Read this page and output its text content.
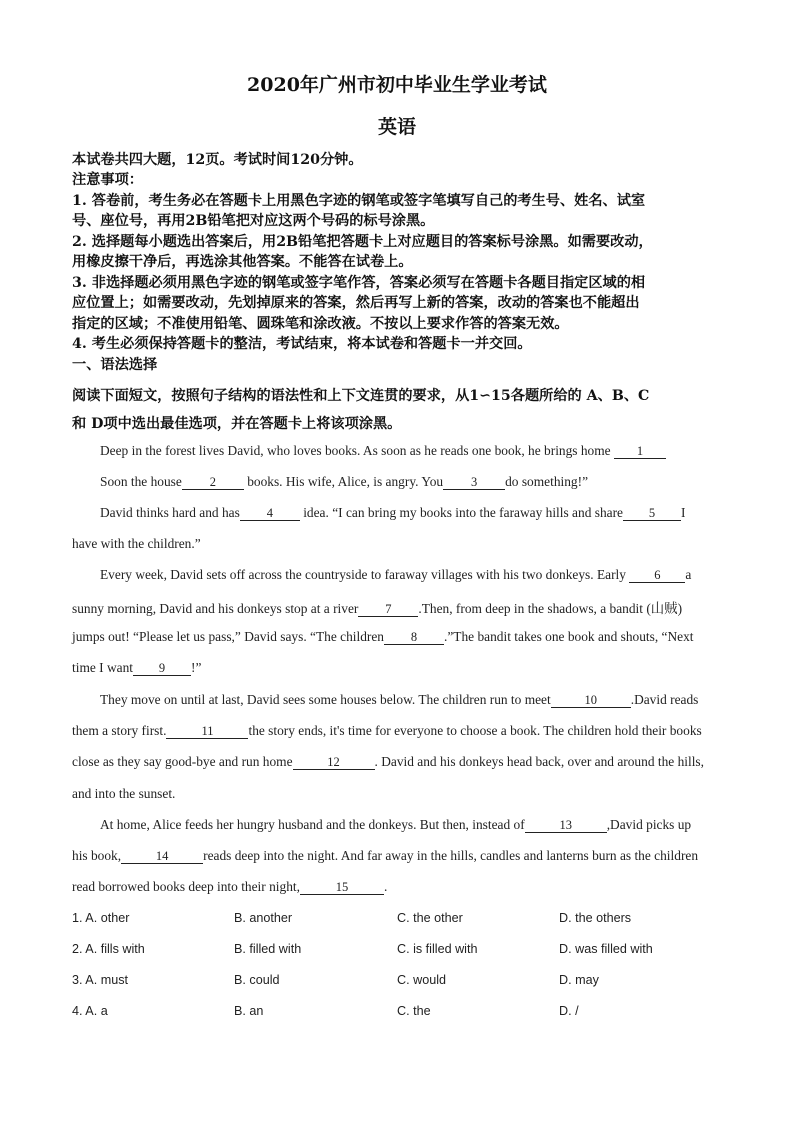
2020年广州市初中毕业生学业考试
英语
本试卷共四大题，12页。考试时间120分钟。
注意事项：
1. 答卷前，考生务必在答题卡上用黑色字迹的钢笔或签字笔填写自己的考生号、姓名、试室
号、座位号，再用2B铅笔把对应这两个号码的标号涂黑。
2. 选择题每小题选出答案后，用2B铅笔把答题卡上对应题目的答案标号涂黑。如需要改动，
用橡皮擦干净后，再选涂其他答案。不能答在试卷上。
3. 非选择题必须用黑色字迹的钢笔或签字笔作答，答案必须写在答题卡各题目指定区域的相
应位置上；如需要改动，先划掉原来的答案，然后再写上新的答案，改动的答案也不能超出
指定的区域；不准使用铅笔、圆珠笔和涂改液。不按以上要求作答的答案无效。
4. 考生必须保持答题卡的整洁，考试结束，将本试卷和答题卡一并交回。
一、语法选择
阅读下面短文，按照句子结构的语法性和上下文连贯的要求，从1∽15各题所给的 A、B、C
和 D项中选出最佳选项，并在答题卡上将该项涂黑。
Deep in the forest lives David, who loves books. As soon as he reads one book, he brings home 1
Soon the house 2 books. His wife, Alice, is angry. You 3 do something!”
David thinks hard and has 4 idea. “I can bring my books into the faraway hills and share 5 I
have with the children.”
Every week, David sets off across the countryside to faraway villages with his two donkeys. Early 6 a
sunny morning, David and his donkeys stop at a river 7 .Then, from deep in the shadows, a bandit (山贼)
jumps out! “Please let us pass,” David says. “The children 8 .”The bandit takes one book and shouts, “Next
time I want 9 !”
They move on until at last, David sees some houses below. The children run to meet	10	.David reads
them a story first.	11	the story ends, it's time for everyone to choose a book. The children hold their books
close as they say good-bye and run home	12	. David and his donkeys head back, over and around the hills,
and into the sunset.
At home, Alice feeds her hungry husband and the donkeys. But then, instead of	13	,David picks up
his book,	14	reads deep into the night. And far away in the hills, candles and lanterns burn as the children
read borrowed books deep into their night,	15	.
1. A. other	B. another	C. the other	D. the others
2. A. fills with	B. filled with	C. is filled with	D. was filled with
3. A. must	B. could	C. would	D. may
4. A. a	B. an	C. the	D. /
